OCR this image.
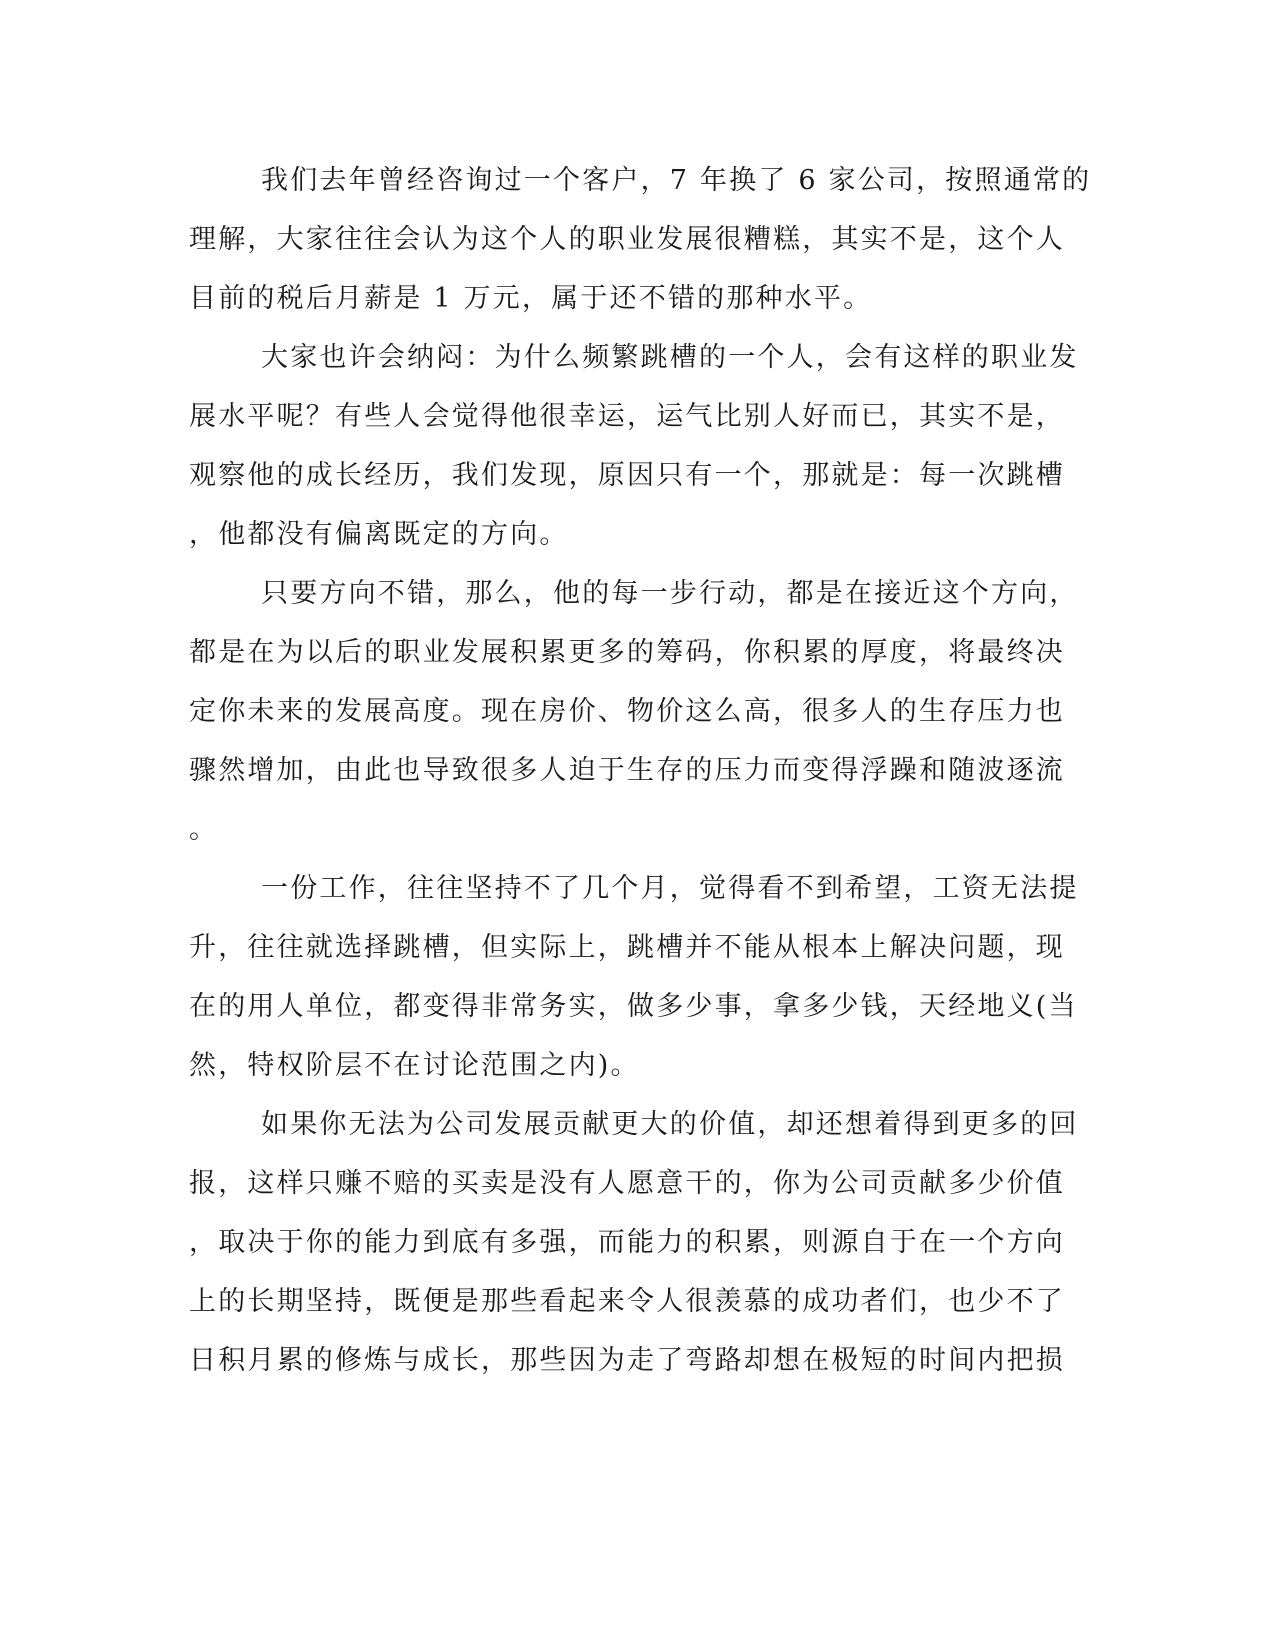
我们去年曾经咨询过一个客户，7 年换了 6 家公司，按照通常的
理解，大家往往会认为这个人的职业发展很糟糕，其实不是，这个人
目前的税后月薪是 1 万元，属于还不错的那种水平。
大家也许会纳闷：为什么频繁跳槽的一个人，会有这样的职业发
展水平呢？有些人会觉得他很幸运，运气比别人好而已，其实不是，
观察他的成长经历，我们发现，原因只有一个，那就是：每一次跳槽
，他都没有偏离既定的方向。
只要方向不错，那么，他的每一步行动，都是在接近这个方向，
都是在为以后的职业发展积累更多的筹码，你积累的厚度，将最终决
定你未来的发展高度。现在房价、物价这么高，很多人的生存压力也
骤然增加，由此也导致很多人迫于生存的压力而变得浮躁和随波逐流
。
一份工作，往往坚持不了几个月，觉得看不到希望，工资无法提
升，往往就选择跳槽，但实际上，跳槽并不能从根本上解决问题，现
在的用人单位，都变得非常务实，做多少事，拿多少钱，天经地义(当
然，特权阶层不在讨论范围之内)。
如果你无法为公司发展贡献更大的价值，却还想着得到更多的回
报，这样只赚不赔的买卖是没有人愿意干的，你为公司贡献多少价值
，取决于你的能力到底有多强，而能力的积累，则源自于在一个方向
上的长期坚持，既便是那些看起来令人很羡慕的成功者们，也少不了
日积月累的修炼与成长，那些因为走了弯路却想在极短的时间内把损
